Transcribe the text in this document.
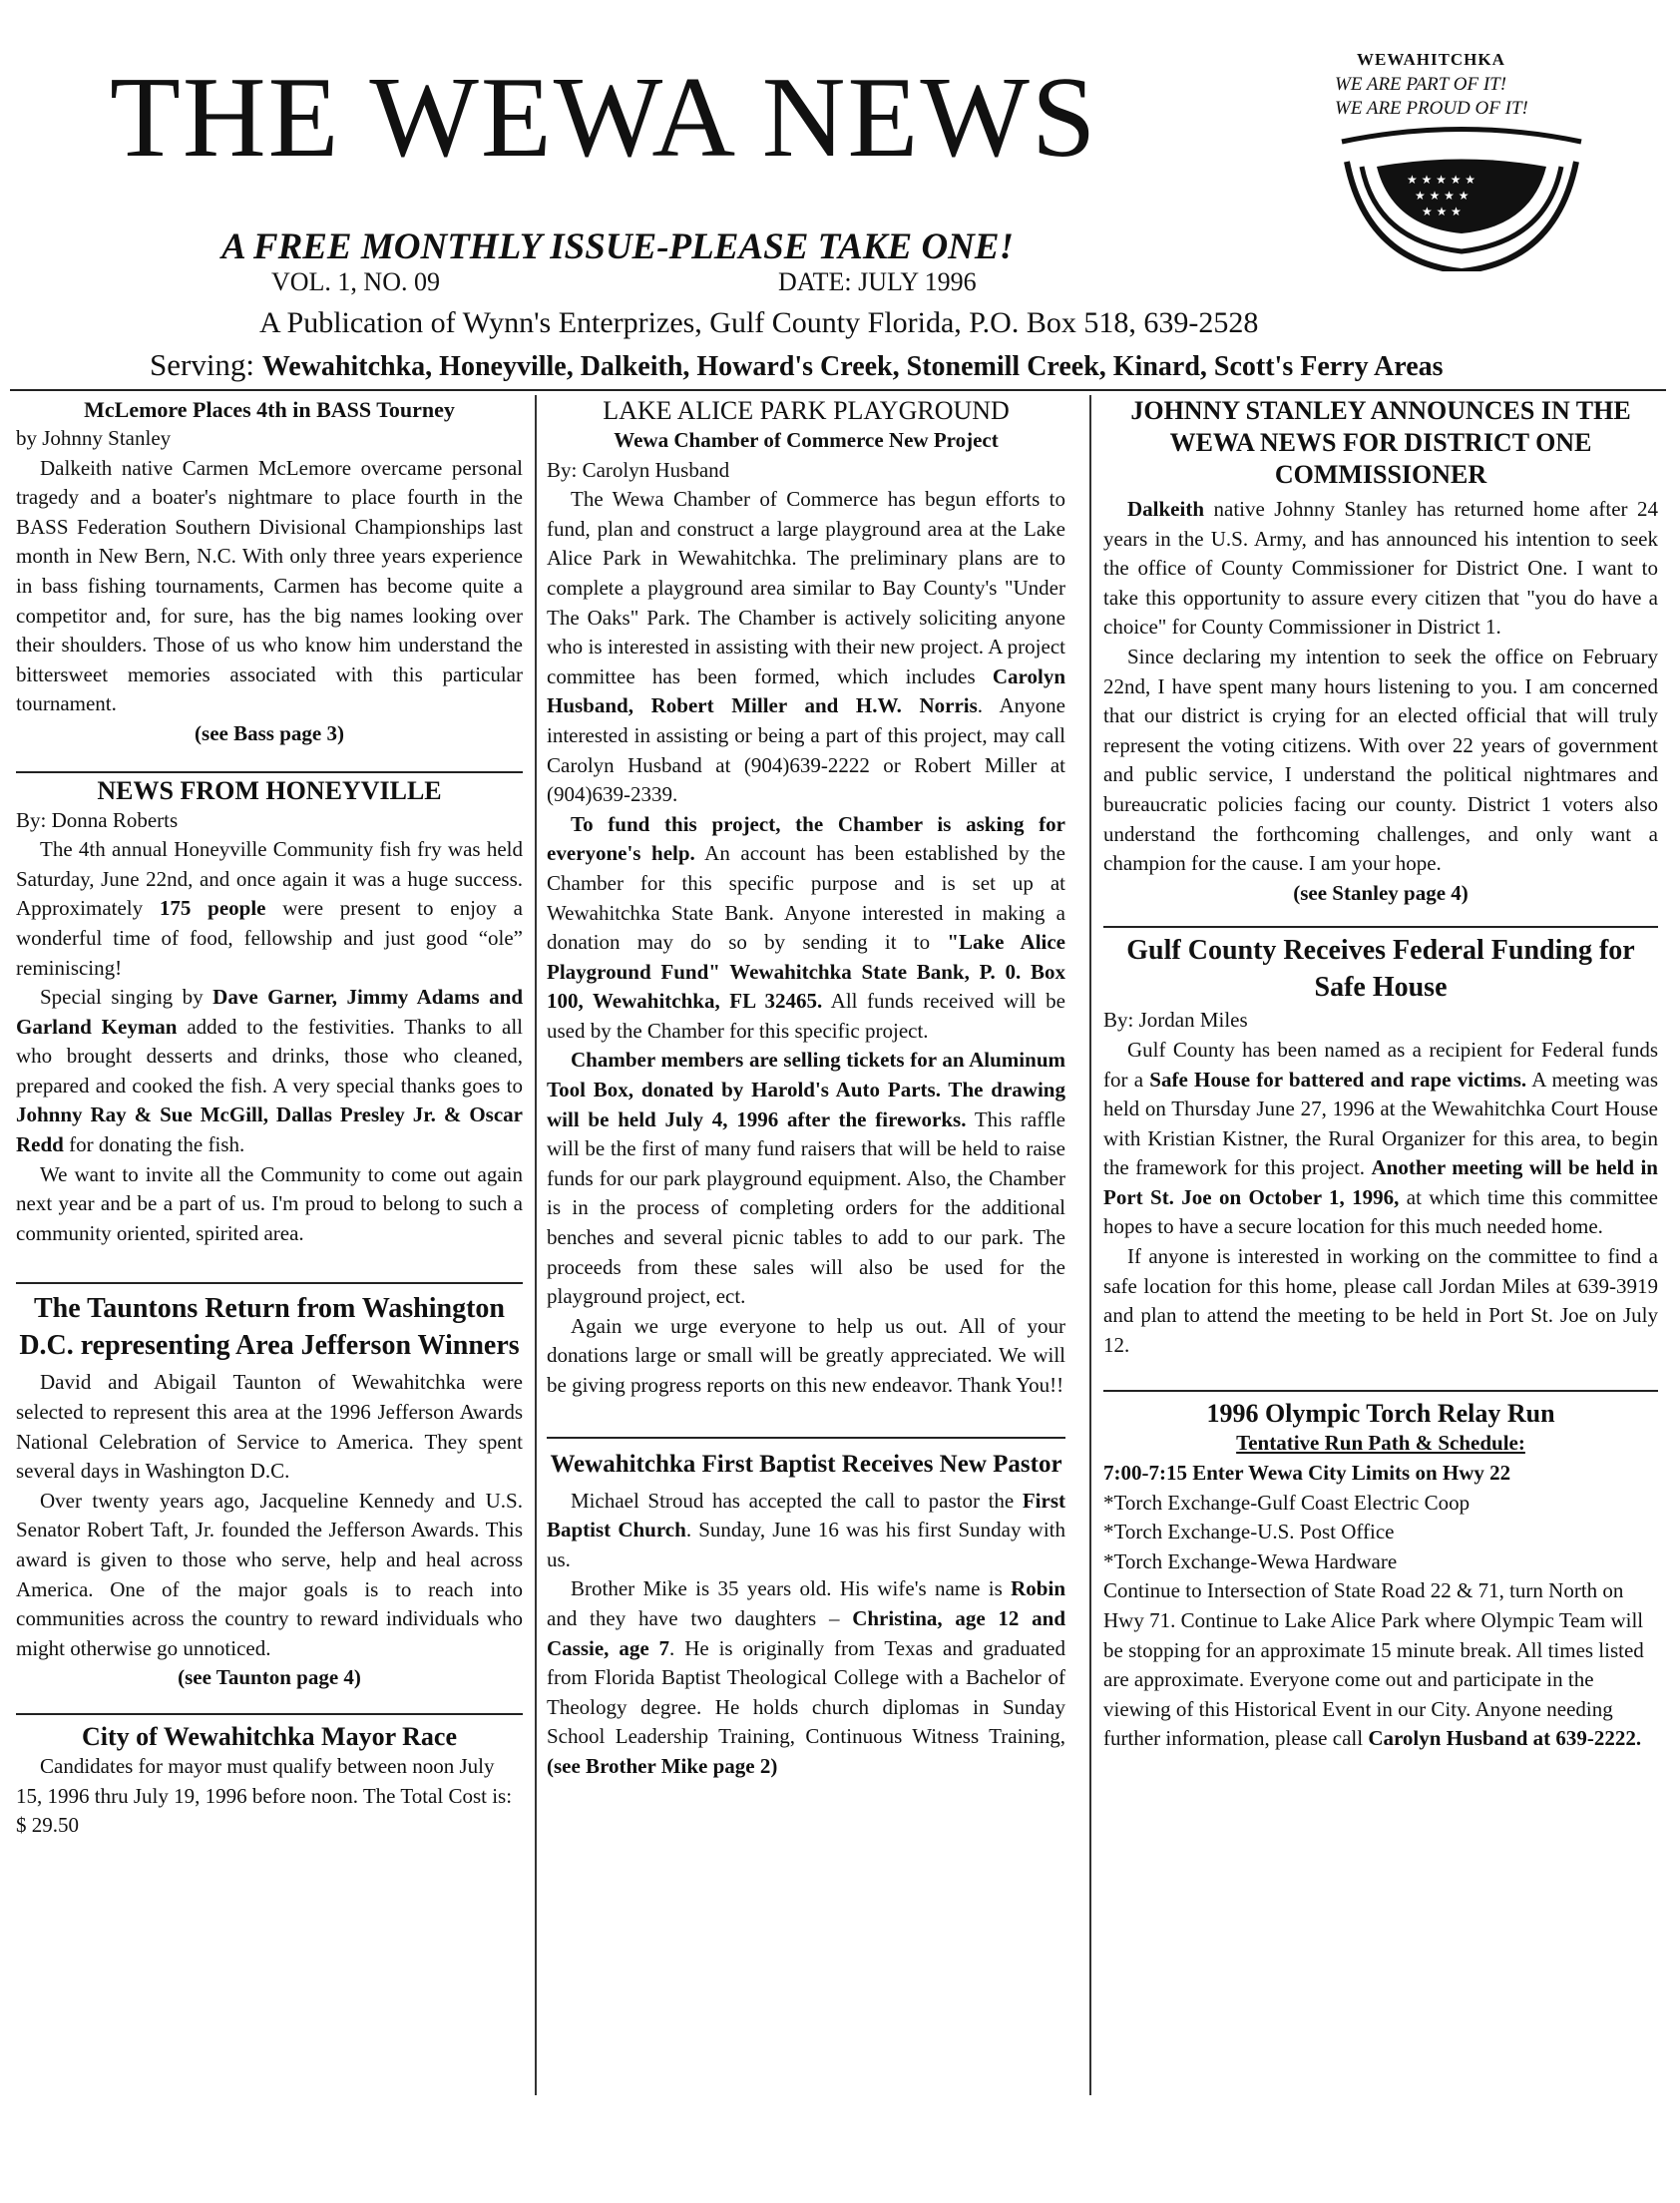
THE WEWA NEWS
A FREE MONTHLY ISSUE-PLEASE TAKE ONE!
VOL. 1, NO. 09	DATE: JULY 1996
A Publication of Wynn's Enterprizes, Gulf County Florida, P.O. Box 518, 639-2528
Serving: Wewahitchka, Honeyville, Dalkeith, Howard's Creek, Stonemill Creek, Kinard, Scott's Ferry Areas
WEWAHITCHKA
WE ARE PART OF IT!
WE ARE PROUD OF IT!
★ ★ ★ ★ ★
★ ★ ★ ★
★ ★ ★
McLemore Places 4th in BASS Tourney

by Johnny Stanley

Dalkeith native Carmen McLemore overcame personal tragedy and a boater's nightmare to place fourth in the BASS Federation Southern Divisional Championships last month in New Bern, N.C. With only three years experience in bass fishing tournaments, Carmen has become quite a competitor and, for sure, has the big names looking over their shoulders. Those of us who know him understand the bittersweet memories associated with this particular tournament.

(see Bass page 3)

NEWS FROM HONEYVILLE

By: Donna Roberts

The 4th annual Honeyville Community fish fry was held Saturday, June 22nd, and once again it was a huge success. Approximately 175 people were present to enjoy a wonderful time of food, fellowship and just good “ole” reminiscing!

Special singing by Dave Garner, Jimmy Adams and Garland Keyman added to the festivities. Thanks to all who brought desserts and drinks, those who cleaned, prepared and cooked the fish. A very special thanks goes to Johnny Ray & Sue McGill, Dallas Presley Jr. & Oscar Redd for donating the fish.

We want to invite all the Community to come out again next year and be a part of us. I'm proud to belong to such a community oriented, spirited area.

The Tauntons Return from Washington D.C. representing Area Jefferson Winners

David and Abigail Taunton of Wewahitchka were selected to represent this area at the 1996 Jefferson Awards National Celebration of Service to America. They spent several days in Washington D.C.

Over twenty years ago, Jacqueline Kennedy and U.S. Senator Robert Taft, Jr. founded the Jefferson Awards. This award is given to those who serve, help and heal across America. One of the major goals is to reach into communities across the country to reward individuals who might otherwise go unnoticed.

(see Taunton page 4)

City of Wewahitchka Mayor Race

Candidates for mayor must qualify between noon July 15, 1996 thru July 19, 1996 before noon. The Total Cost is: $ 29.50

LAKE ALICE PARK PLAYGROUND

Wewa Chamber of Commerce New Project

By: Carolyn Husband

The Wewa Chamber of Commerce has begun efforts to fund, plan and construct a large playground area at the Lake Alice Park in Wewahitchka. The preliminary plans are to complete a playground area similar to Bay County's "Under The Oaks" Park. The Chamber is actively soliciting anyone who is interested in assisting with their new project. A project committee has been formed, which includes Carolyn Husband, Robert Miller and H.W. Norris. Anyone interested in assisting or being a part of this project, may call Carolyn Husband at (904)639-2222 or Robert Miller at (904)639-2339.

To fund this project, the Chamber is asking for everyone's help. An account has been established by the Chamber for this specific purpose and is set up at Wewahitchka State Bank. Anyone interested in making a donation may do so by sending it to "Lake Alice Playground Fund" Wewahitchka State Bank, P. 0. Box 100, Wewahitchka, FL 32465. All funds received will be used by the Chamber for this specific project.

Chamber members are selling tickets for an Aluminum Tool Box, donated by Harold's Auto Parts. The drawing will be held July 4, 1996 after the fireworks. This raffle will be the first of many fund raisers that will be held to raise funds for our park playground equipment. Also, the Chamber is in the process of completing orders for the additional benches and several picnic tables to add to our park. The proceeds from these sales will also be used for the playground project, ect.

Again we urge everyone to help us out. All of your donations large or small will be greatly appreciated. We will be giving progress reports on this new endeavor. Thank You!!

Wewahitchka First Baptist Receives New Pastor

Michael Stroud has accepted the call to pastor the First Baptist Church. Sunday, June 16 was his first Sunday with us.

Brother Mike is 35 years old. His wife's name is Robin and they have two daughters – Christina, age 12 and Cassie, age 7. He is originally from Texas and graduated from Florida Baptist Theological College with a Bachelor of Theology degree. He holds church diplomas in Sunday School Leadership Training, Continuous Witness Training, (see Brother Mike page 2)

JOHNNY STANLEY ANNOUNCES IN THE WEWA NEWS FOR DISTRICT ONE COMMISSIONER

Dalkeith native Johnny Stanley has returned home after 24 years in the U.S. Army, and has announced his intention to seek the office of County Commissioner for District One. I want to take this opportunity to assure every citizen that "you do have a choice" for County Commissioner in District 1.

Since declaring my intention to seek the office on February 22nd, I have spent many hours listening to you. I am concerned that our district is crying for an elected official that will truly represent the voting citizens. With over 22 years of government and public service, I understand the political nightmares and bureaucratic policies facing our county. District 1 voters also understand the forthcoming challenges, and only want a champion for the cause. I am your hope.

(see Stanley page 4)

Gulf County Receives Federal Funding for Safe House

By: Jordan Miles

Gulf County has been named as a recipient for Federal funds for a Safe House for battered and rape victims. A meeting was held on Thursday June 27, 1996 at the Wewahitchka Court House with Kristian Kistner, the Rural Organizer for this area, to begin the framework for this project. Another meeting will be held in Port St. Joe on October 1, 1996, at which time this committee hopes to have a secure location for this much needed home.

If anyone is interested in working on the committee to find a safe location for this home, please call Jordan Miles at 639-3919 and plan to attend the meeting to be held in Port St. Joe on July 12.

1996 Olympic Torch Relay Run

Tentative Run Path & Schedule:

7:00-7:15 Enter Wewa City Limits on Hwy 22

*Torch Exchange-Gulf Coast Electric Coop

*Torch Exchange-U.S. Post Office

*Torch Exchange-Wewa Hardware

Continue to Intersection of State Road 22 & 71, turn North on Hwy 71. Continue to Lake Alice Park where Olympic Team will be stopping for an approximate 15 minute break. All times listed are approximate. Everyone come out and participate in the viewing of this Historical Event in our City. Anyone needing further information, please call Carolyn Husband at 639-2222.
